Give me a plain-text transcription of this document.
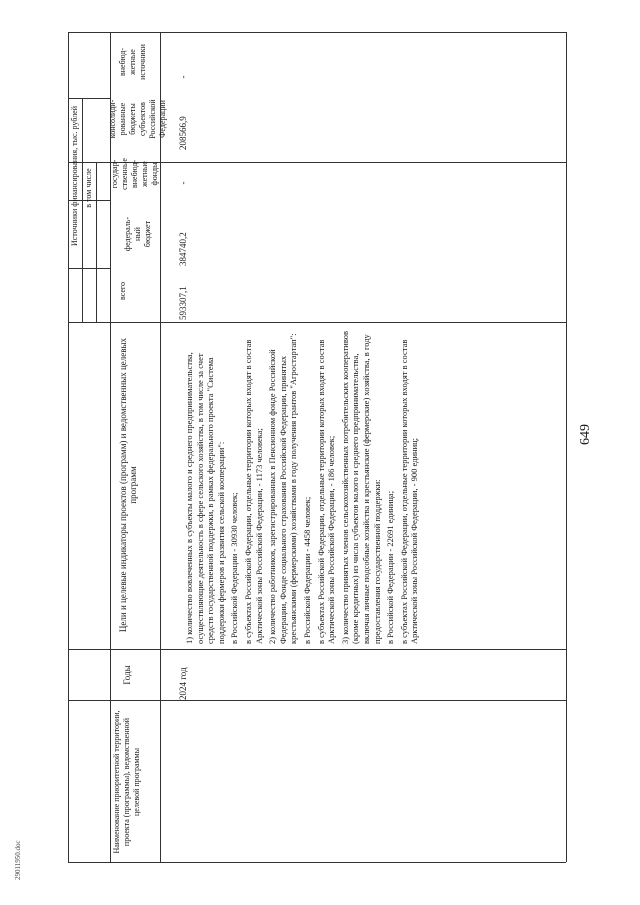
Наименование приоритетной территории, проекта (программы), ведомственной целевой программы
Годы
Цели и целевые индикаторы проектов (программ) и ведомственных целевых программ
Источники финансирования, тыс. рублей
всего
в том числе

федераль-
ный
бюджет

государ-
ственные
внебюд-
жетные
фонды

консолиди-
рованные
бюджеты
субъектов
Российской
Федерации

внебюд-
жетные
источники

2024 год
593307,1
384740,2
-
208566,9
-
1) количество вовлеченных в субъекты малого и среднего предпринимательства, осуществляющие деятельность в сфере сельского хозяйства, в том числе за счет средств государственной поддержки, в рамках федерального проекта "Система поддержки фермеров и развития сельской кооперации": в Российской Федерации - 30930 человек; в субъектах Российской Федерации, отдельные территории которых входят в состав Арктической зоны Российской Федерации, - 1173 человека; 2) количество работников, зарегистрированных в Пенсионном фонде Российской Федерации, Фонде социального страхования Российской Федерации, принятых крестьянскими (фермерскими) хозяйствами в году получения грантов "Агростартап": в Российской Федерации - 4458 человек; в субъектах Российской Федерации, отдельные территории которых входят в состав Арктической зоны Российской Федерации, - 186 человек; 3) количество принятых членов сельскохозяйственных потребительских кооперативов (кроме кредитных) из числа субъектов малого и среднего предпринимательства, включая личные подсобные хозяйства и крестьянские (фермерские) хозяйства, в году предоставления государственной поддержки: в Российской Федерации - 22691 единица; в субъектах Российской Федерации, отдельные территории которых входят в состав Арктической зоны Российской Федерации, - 900 единиц;
649
29011950.doc
